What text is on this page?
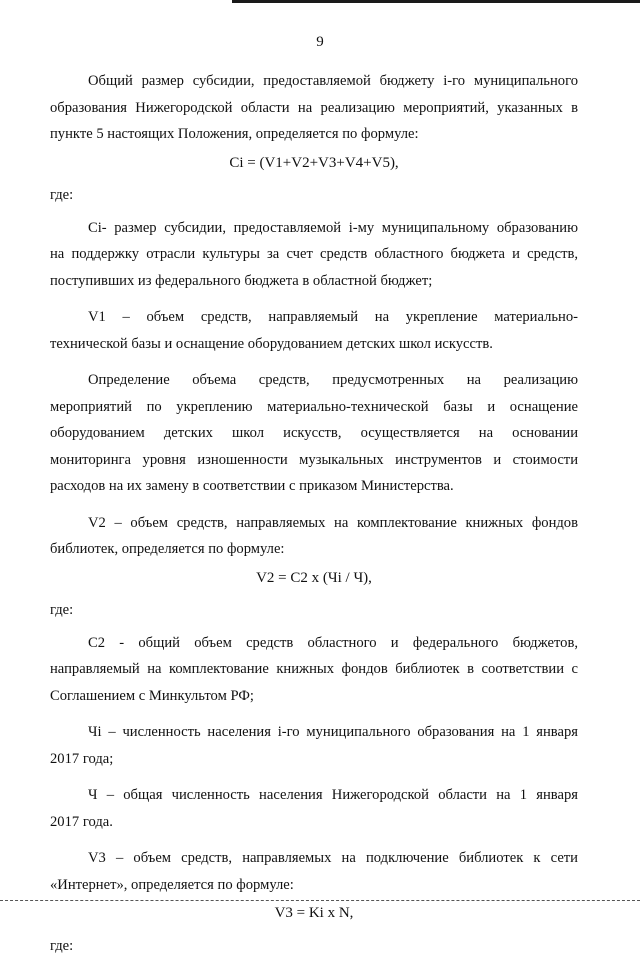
9

Общий размер субсидии, предоставляемой бюджету i-го муниципального
образования Нижегородской области на реализацию мероприятий, указанных в
пункте 5 настоящих Положения, определяется по формуле:

Ci = (V1+V2+V3+V4+V5),

где:

Ci- размер субсидии, предоставляемой i-му муниципальному образованию
на поддержку отрасли культуры за счет средств областного бюджета и средств,
поступивших из федерального бюджета в областной бюджет;

V1 – объем средств, направляемый на укрепление материально-
технической базы и оснащение оборудованием детских школ искусств.

Определение объема средств, предусмотренных на реализацию
мероприятий по укреплению материально-технической базы и оснащение
оборудованием детских школ искусств, осуществляется на основании
мониторинга уровня изношенности музыкальных инструментов и стоимости
расходов на их замену в соответствии с приказом Министерства.

V2 – объем средств, направляемых на комплектование книжных фондов
библиотек, определяется по формуле:

V2 = C2 x (Чi / Ч),

где:

C2 - общий объем средств областного и федерального бюджетов,
направляемый на комплектование книжных фондов библиотек в соответствии с
Соглашением с Минкультом РФ;

Чi – численность населения i-го муниципального образования на 1 января
2017 года;

Ч – общая численность населения Нижегородской области на 1 января
2017 года.

V3 – объем средств, направляемых на подключение библиотек к сети
«Интернет», определяется по формуле:

V3 = Ki x N,

где:
